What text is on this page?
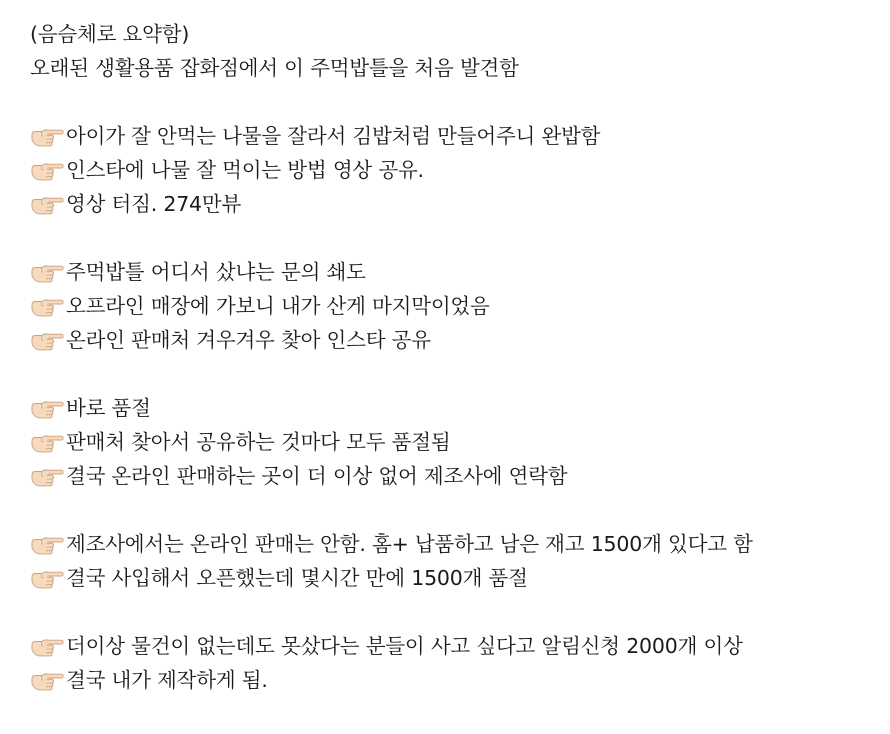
(음슴체로 요약함)
오래된 생활용품 잡화점에서 이 주먹밥틀을 처음 발견함
아이가 잘 안먹는 나물을 잘라서 김밥처럼 만들어주니 완밥함
인스타에 나물 잘 먹이는 방법 영상 공유.
영상 터짐. 274만뷰
주먹밥틀 어디서 샀냐는 문의 쇄도
오프라인 매장에 가보니 내가 산게 마지막이었음
온라인 판매처 겨우겨우 찾아 인스타 공유
바로 품절
판매처 찾아서 공유하는 것마다 모두 품절됨
결국 온라인 판매하는 곳이 더 이상 없어 제조사에 연락함
제조사에서는 온라인 판매는 안함. 홈+ 납품하고 남은 재고 1500개 있다고 함
결국 사입해서 오픈했는데 몇시간 만에 1500개 품절
더이상 물건이 없는데도 못샀다는 분들이 사고 싶다고 알림신청 2000개 이상
결국 내가 제작하게 됨.
